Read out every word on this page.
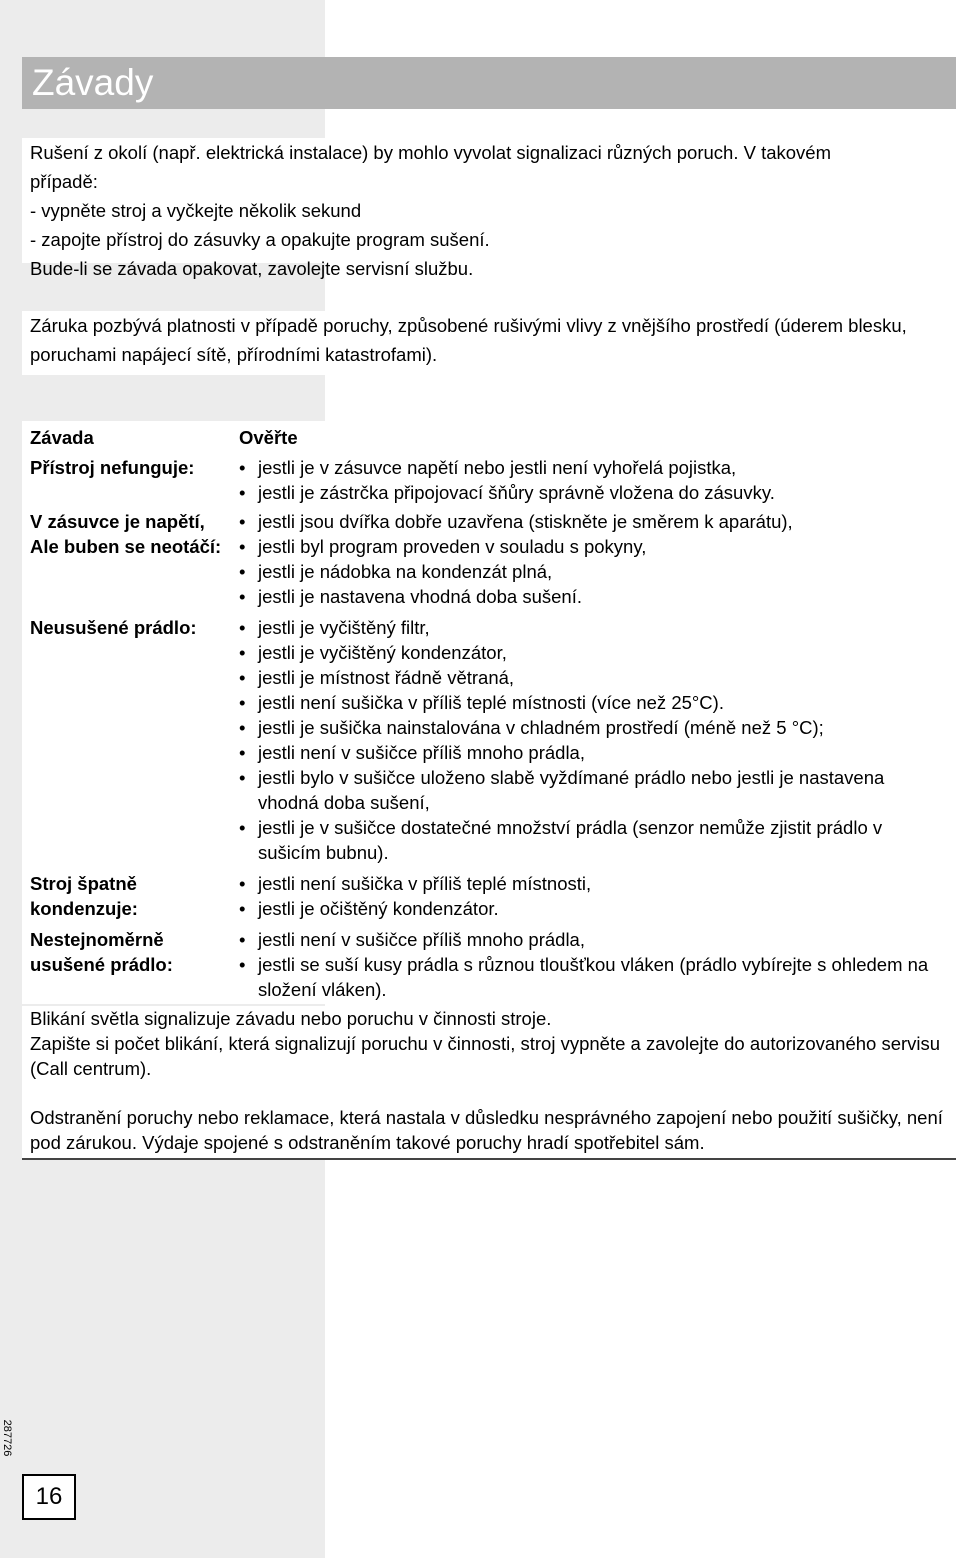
Závady
Rušení z okolí (např. elektrická instalace) by mohlo vyvolat signalizaci různých poruch. V takovém
případě:
- vypněte stroj a vyčkejte několik sekund
- zapojte přístroj do zásuvky a opakujte program sušení.
Bude-li se závada opakovat, zavolejte servisní službu.
Záruka pozbývá platnosti v případě poruchy, způsobené rušivými vlivy z vnějšího prostředí (úderem blesku, poruchami napájecí sítě, přírodními katastrofami).
Závada	Ověřte
Přístroj nefunguje:	• jestli je v zásuvce napětí nebo jestli není vyhořelá pojistka,
• jestli je zástrčka připojovací šňůry správně vložena do zásuvky.
V zásuvce je napětí, Ale buben se neotáčí:
• jestli jsou dvířka dobře uzavřena (stiskněte je směrem k aparátu),
• jestli byl program proveden v souladu s pokyny,
• jestli je nádobka na kondenzát plná,
• jestli je nastavena vhodná doba sušení.
Neusušené prádlo:	• jestli je vyčištěný filtr,
• jestli je vyčištěný kondenzátor,
• jestli je místnost řádně větraná,
• jestli není sušička v příliš teplé místnosti (více než 25°C).
• jestli je sušička nainstalována v chladném prostředí (méně než 5 °C);
• jestli není v sušičce příliš mnoho prádla,
• jestli bylo v sušičce uloženo slabě vyždímané prádlo nebo jestli je nastavena vhodná doba sušení,
• jestli je v sušičce dostatečné množství prádla (senzor nemůže zjistit prádlo v sušicím bubnu).
Stroj špatně kondenzuje:
• jestli není sušička v příliš teplé místnosti,
• jestli je očištěný kondenzátor.
Nestejnoměrně usušené prádlo:
• jestli není v sušičce příliš mnoho prádla,
• jestli se suší kusy prádla s různou tloušťkou vláken (prádlo vybírejte s ohledem na složení vláken).
Blikání světla signalizuje závadu nebo poruchu v činnosti stroje.
Zapište si počet blikání, která signalizují poruchu v činnosti, stroj vypněte a zavolejte do autorizovaného servisu (Call centrum).
Odstranění poruchy nebo reklamace, která nastala v důsledku nesprávného zapojení nebo použití sušičky, není pod zárukou. Výdaje spojené s odstraněním takové poruchy hradí spotřebitel sám.
287726
16
